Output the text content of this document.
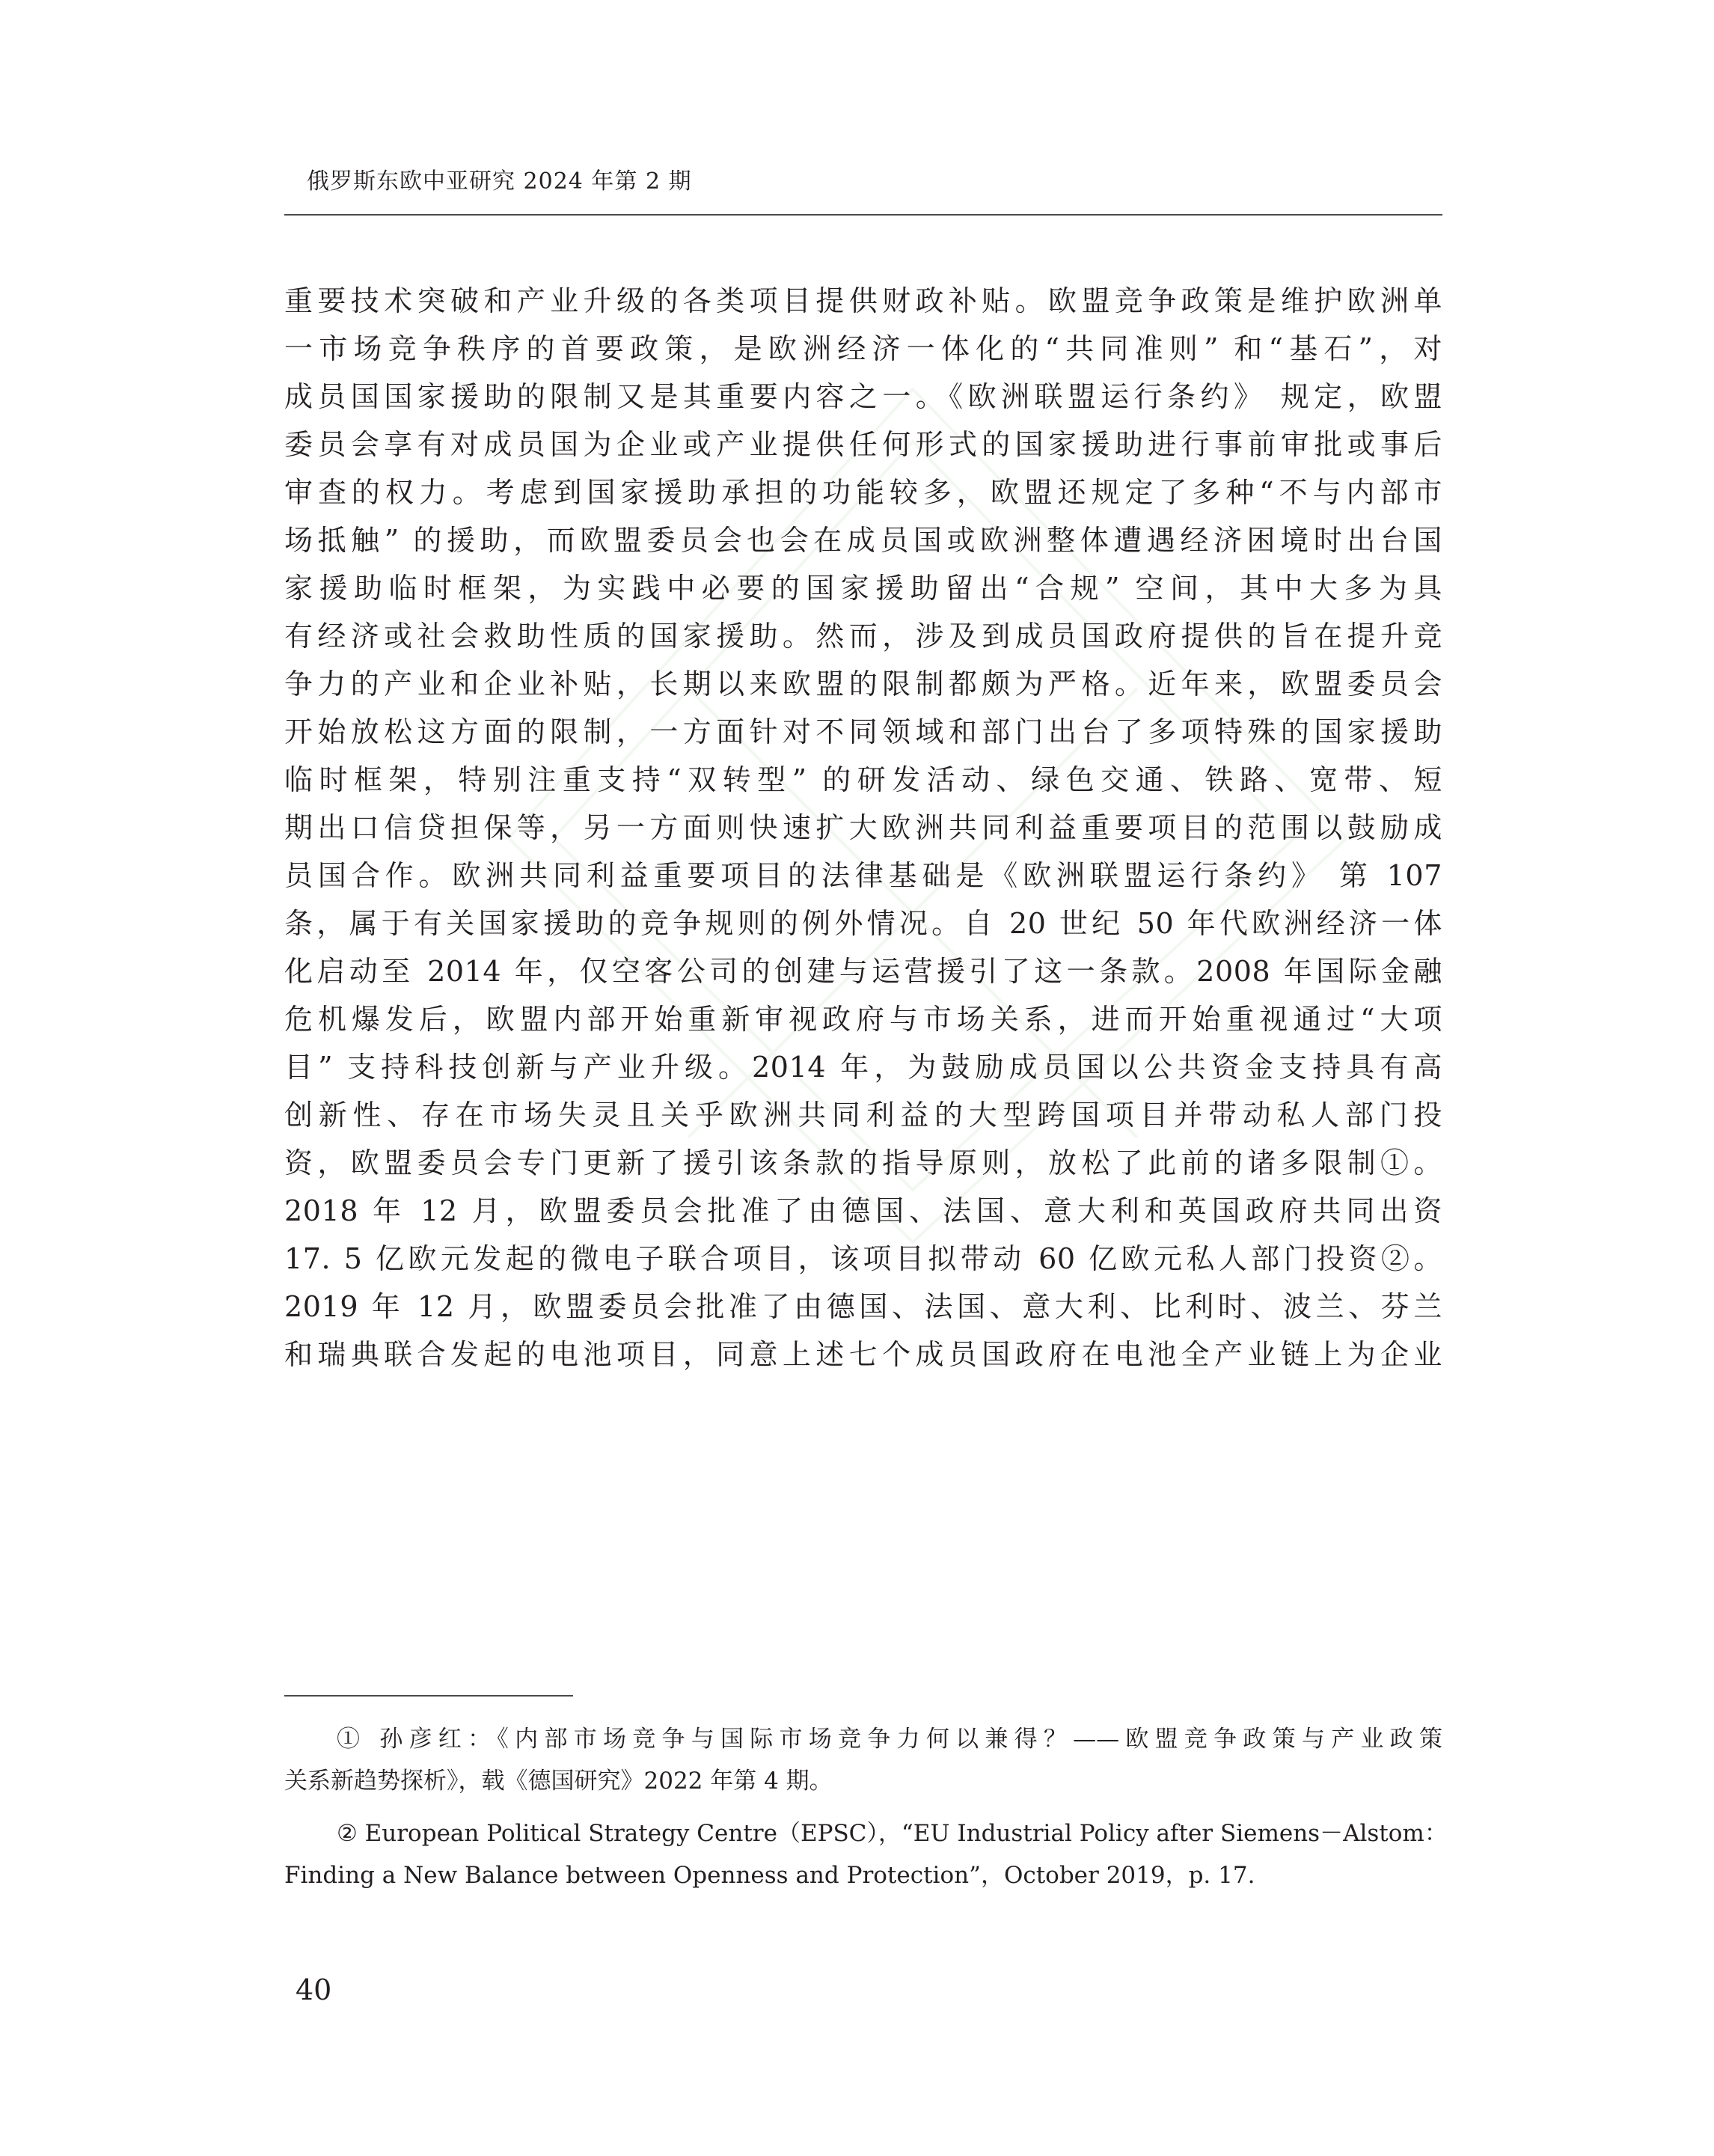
俄罗斯东欧中亚研究 2024 年第 2 期
重要技术突破和产业升级的各类项目提供财政补贴。欧盟竞争政策是维护欧洲单
一市场竞争秩序的首要政策，是欧洲经济一体化的“共同准则” 和“基石”，对
成员国国家援助的限制又是其重要内容之一。《欧洲联盟运行条约》 规定，欧盟
委员会享有对成员国为企业或产业提供任何形式的国家援助进行事前审批或事后
审查的权力。考虑到国家援助承担的功能较多，欧盟还规定了多种“不与内部市
场抵触” 的援助，而欧盟委员会也会在成员国或欧洲整体遭遇经济困境时出台国
家援助临时框架，为实践中必要的国家援助留出“合规” 空间，其中大多为具
有经济或社会救助性质的国家援助。然而，涉及到成员国政府提供的旨在提升竞
争力的产业和企业补贴，长期以来欧盟的限制都颇为严格。近年来，欧盟委员会
开始放松这方面的限制，一方面针对不同领域和部门出台了多项特殊的国家援助
临时框架，特别注重支持“双转型” 的研发活动、绿色交通、铁路、宽带、短
期出口信贷担保等，另一方面则快速扩大欧洲共同利益重要项目的范围以鼓励成
员国合作。欧洲共同利益重要项目的法律基础是《欧洲联盟运行条约》 第 107
条，属于有关国家援助的竞争规则的例外情况。自 20 世纪 50 年代欧洲经济一体
化启动至 2014 年，仅空客公司的创建与运营援引了这一条款。2008 年国际金融
危机爆发后，欧盟内部开始重新审视政府与市场关系，进而开始重视通过“大项
目” 支持科技创新与产业升级。2014 年，为鼓励成员国以公共资金支持具有高
创新性、存在市场失灵且关乎欧洲共同利益的大型跨国项目并带动私人部门投
资，欧盟委员会专门更新了援引该条款的指导原则，放松了此前的诸多限制①。
2018 年 12 月，欧盟委员会批准了由德国、法国、意大利和英国政府共同出资
17. 5 亿欧元发起的微电子联合项目，该项目拟带动 60 亿欧元私人部门投资②。
2019 年 12 月，欧盟委员会批准了由德国、法国、意大利、比利时、波兰、芬兰
和瑞典联合发起的电池项目，同意上述七个成员国政府在电池全产业链上为企业
① 孙彦红：《内部市场竞争与国际市场竞争力何以兼得？——欧盟竞争政策与产业政策
关系新趋势探析》，载《德国研究》2022 年第 4 期。
② European Political Strategy Centre（EPSC），“EU Industrial Policy after Siemens－Alstom：
Finding a New Balance between Openness and Protection”，October 2019，p. 17.
40
